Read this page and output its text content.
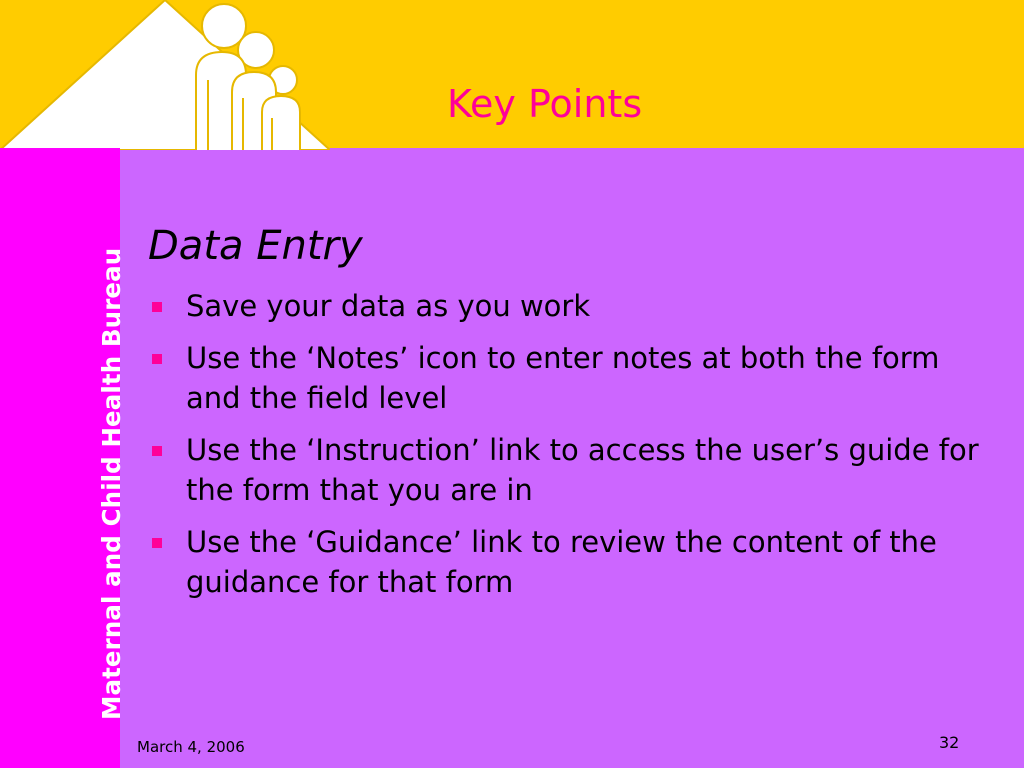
Key Points
Maternal and Child Health Bureau
Data Entry
Save your data as you work
Use the ‘Notes’ icon to enter notes at both the form and the field level
Use the ‘Instruction’ link to access the user’s guide for the form that you are in
Use the ‘Guidance’ link to review the content of the guidance for that form
March 4, 2006	32
